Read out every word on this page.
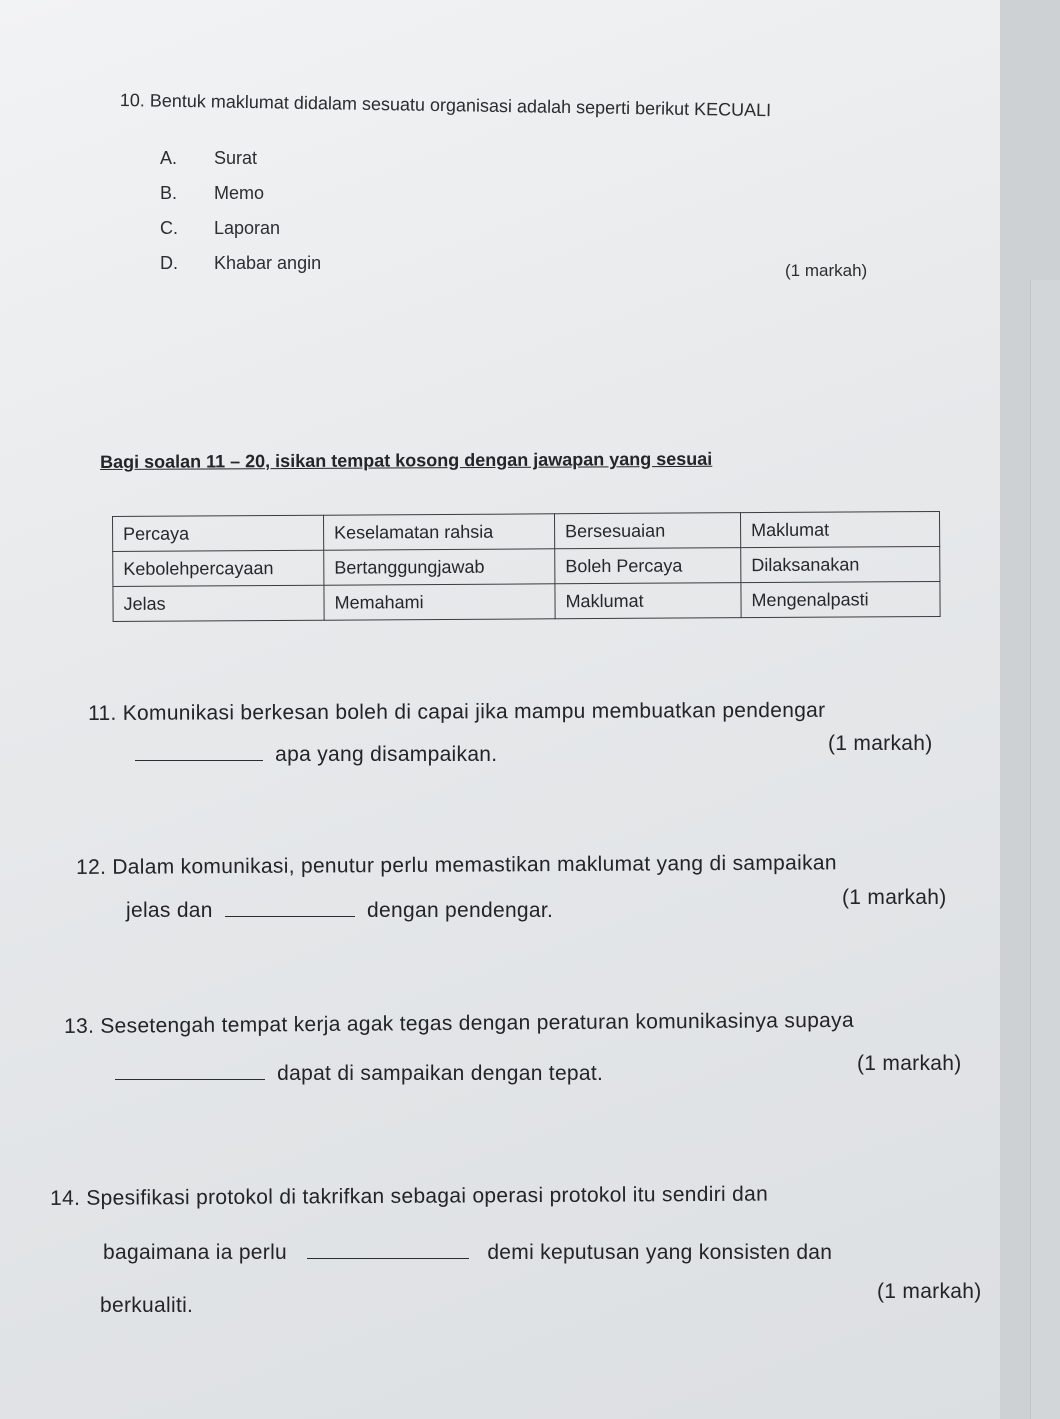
10. Bentuk maklumat didalam sesuatu organisasi adalah seperti berikut KECUALI
A. Surat
B. Memo
C. Laporan
D. Khabar angin	(1 markah)
Bagi soalan 11 – 20, isikan tempat kosong dengan jawapan yang sesuai
Percaya	Keselamatan rahsia	Bersesuaian	Maklumat
Kebolehpercayaan	Bertanggungjawab	Boleh Percaya	Dilaksanakan
Jelas	Memahami	Maklumat	Mengenalpasti
11. Komunikasi berkesan boleh di capai jika mampu membuatkan pendengar
apa yang disampaikan.	(1 markah)
12. Dalam komunikasi, penutur perlu memastikan maklumat yang di sampaikan
jelas dan	dengan pendengar.
(1 markah)
13. Sesetengah tempat kerja agak tegas dengan peraturan komunikasinya supaya
dapat di sampaikan dengan tepat.	(1 markah)
14. Spesifikasi protokol di takrifkan sebagai operasi protokol itu sendiri dan
bagaimana ia perlu	demi keputusan yang konsisten dan
berkualiti.
(1 markah)
